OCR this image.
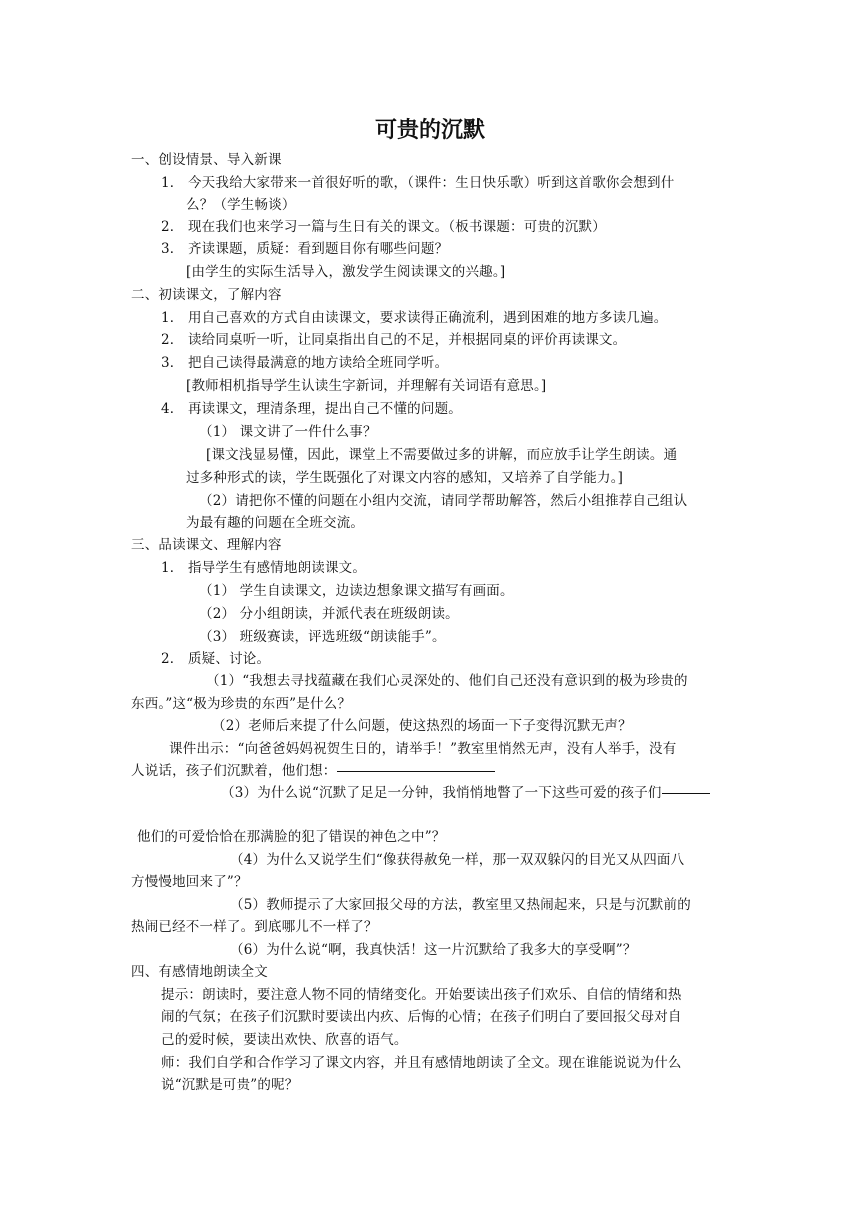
可贵的沉默
一、创设情景、导入新课
1． 今天我给大家带来一首很好听的歌，（课件：生日快乐歌）听到这首歌你会想到什
么？（学生畅谈）
2． 现在我们也来学习一篇与生日有关的课文。（板书课题：可贵的沉默）
3． 齐读课题，质疑：看到题目你有哪些问题？
[由学生的实际生活导入，激发学生阅读课文的兴趣。]
二、初读课文，了解内容
1． 用自己喜欢的方式自由读课文，要求读得正确流利，遇到困难的地方多读几遍。
2． 读给同桌听一听，让同桌指出自己的不足，并根据同桌的评价再读课文。
3． 把自己读得最满意的地方读给全班同学听。
[教师相机指导学生认读生字新词，并理解有关词语有意思。]
4． 再读课文，理清条理，提出自己不懂的问题。
（1） 课文讲了一件什么事？
[课文浅显易懂，因此，课堂上不需要做过多的讲解，而应放手让学生朗读。通
过多种形式的读，学生既强化了对课文内容的感知，又培养了自学能力。]
（2）请把你不懂的问题在小组内交流，请同学帮助解答，然后小组推荐自己组认
为最有趣的问题在全班交流。
三、品读课文、理解内容
1． 指导学生有感情地朗读课文。
（1） 学生自读课文，边读边想象课文描写有画面。
（2） 分小组朗读，并派代表在班级朗读。
（3） 班级赛读，评选班级“朗读能手”。
2． 质疑、讨论。
（1）“我想去寻找蕴藏在我们心灵深处的、他们自己还没有意识到的极为珍贵的
东西。”这“极为珍贵的东西”是什么？
（2）老师后来提了什么问题，使这热烈的场面一下子变得沉默无声？
课件出示：“向爸爸妈妈祝贺生日的，请举手！”教室里悄然无声，没有人举手，没有
人说话，孩子们沉默着，他们想：
（3）为什么说“沉默了足足一分钟，我悄悄地瞥了一下这些可爱的孩子们
他们的可爱恰恰在那满脸的犯了错误的神色之中”？
（4）为什么又说学生们“像获得赦免一样，那一双双躲闪的目光又从四面八
方慢慢地回来了”？
（5）教师提示了大家回报父母的方法，教室里又热闹起来，只是与沉默前的
热闹已经不一样了。到底哪儿不一样了？
（6）为什么说“啊，我真快活！这一片沉默给了我多大的享受啊”？
四、有感情地朗读全文
提示：朗读时，要注意人物不同的情绪变化。开始要读出孩子们欢乐、自信的情绪和热
闹的气氛；在孩子们沉默时要读出内疚、后悔的心情；在孩子们明白了要回报父母对自
己的爱时候，要读出欢快、欣喜的语气。
师：我们自学和合作学习了课文内容，并且有感情地朗读了全文。现在谁能说说为什么
说“沉默是可贵”的呢？
